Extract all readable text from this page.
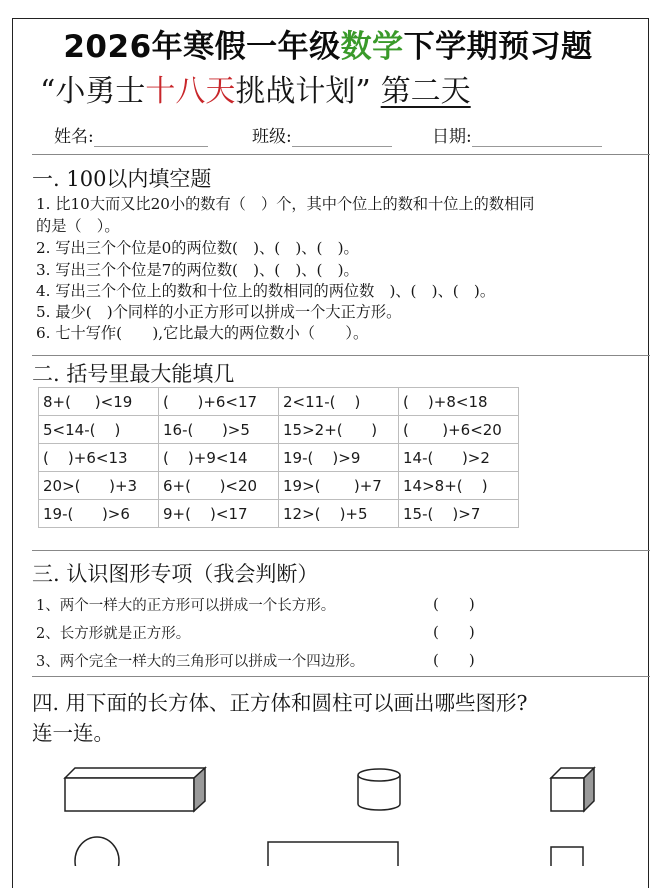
2026年寒假一年级数学下学期预习题
“小勇士十八天挑战计划” 第二天
姓名:	班级:	日期:
一. 100以内填空题
1. 比10大而又比20小的数有（　）个，其中个位上的数和十位上的数相同
的是（　）。
2. 写出三个个位是0的两位数(　)、(　)、(　)。
3. 写出三个个位是7的两位数(　)、(　)、(　)。
4. 写出三个个位上的数和十位上的数相同的两位数　)、(　)、(　)。
5. 最少(　)个同样的小正方形可以拼成一个大正方形。
6. 七十写作(　　),它比最大的两位数小（　　）。
二. 括号里最大能填几
8+(     )<19	(      )+6<17	2<11-(    )	(    )+8<18
5<14-(    )	16-(      )>5	15>2+(      )	(       )+6<20
(    )+6<13	(    )+9<14	19-(    )>9	14-(      )>2
20>(      )+3	6+(      )<20	19>(       )+7	14>8+(    )
19-(      )>6	9+(    )<17	12>(    )+5	15-(    )>7
三. 认识图形专项（我会判断）
1、两个一样大的正方形可以拼成一个长方形。	(　　)
2、长方形就是正方形。	(　　)
3、两个完全一样大的三角形可以拼成一个四边形。	(　　)
四. 用下面的长方体、正方体和圆柱可以画出哪些图形?
连一连。
